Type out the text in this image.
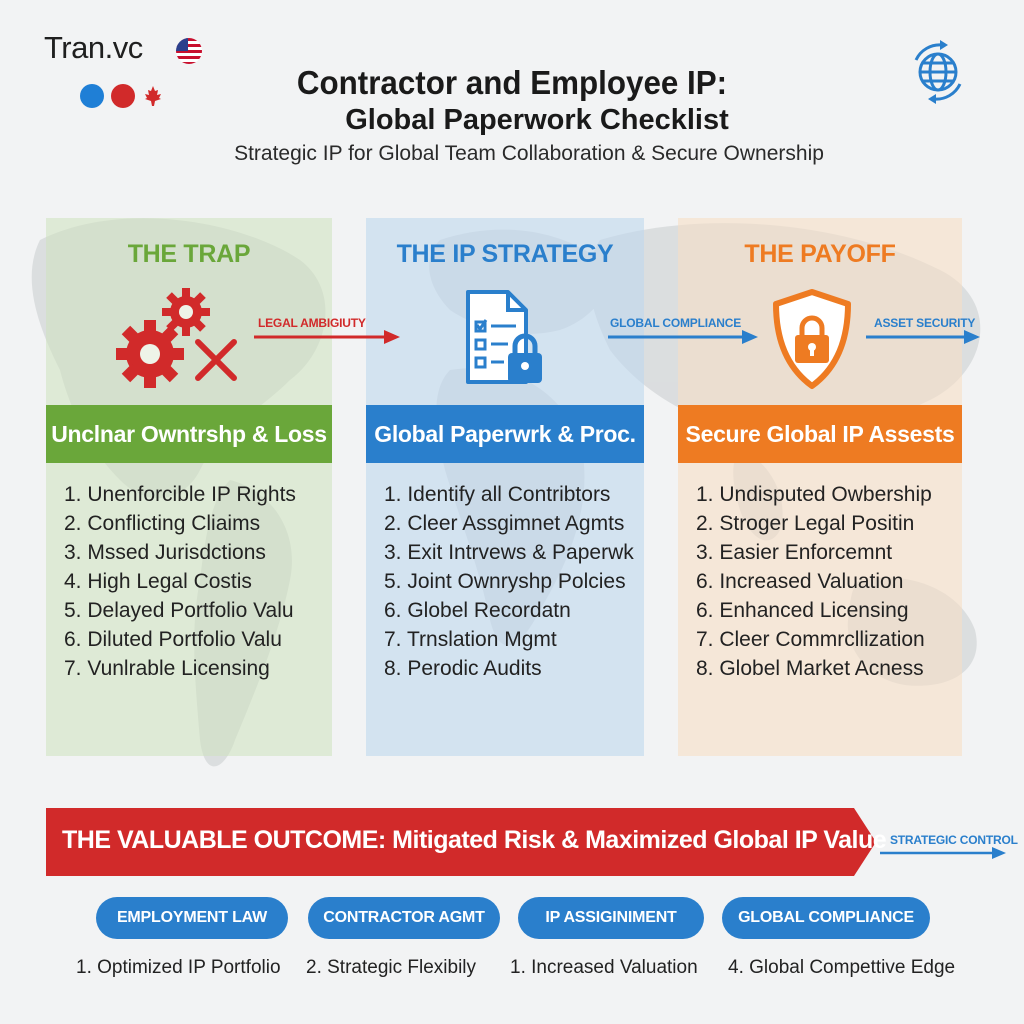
Tran.vc
Contractor and Employee IP:
Global Paperwork Checklist
Strategic IP for Global Team Collaboration & Secure Ownership
THE TRAP
Unclnar Owntrshp & Loss
1. Unenforcible IP Rights
2. Conflicting Cliaims
3. Mssed Jurisdctions
4. High Legal Costis
5. Delayed Portfolio Valu
6. Diluted Portfolio Valu
7. Vunlrable Licensing
THE IP STRATEGY
Global Paperwrk & Proc.
1. Identify all Contribtors
2. Cleer Assgimnet Agmts
3. Exit Intrvews & Paperwk
5. Joint Ownryshp Polcies
6. Globel Recordatn
7. Trnslation Mgmt
8. Perodic Audits
THE PAYOFF
Secure Global IP Assests
1. Undisputed Owbership
2. Stroger Legal Positin
3. Easier Enforcemnt
6. Increased Valuation
6. Enhanced Licensing
7. Cleer Commrcllization
8. Globel Market Acness
LEGAL AMBIGIUTY	GLOBAL COMPLIANCE	ASSET SECURITY
THE VALUABLE OUTCOME: Mitigated Risk & Maximized Global IP Value STRATEGIC CONTROL
EMPLOYMENT LAW	CONTRACTOR AGMT	IP ASSIGINIMENT	GLOBAL COMPLIANCE
1. Optimized IP Portfolio 2. Strategic Flexibily 1. Increased Valuation 4. Global Compettive Edge
